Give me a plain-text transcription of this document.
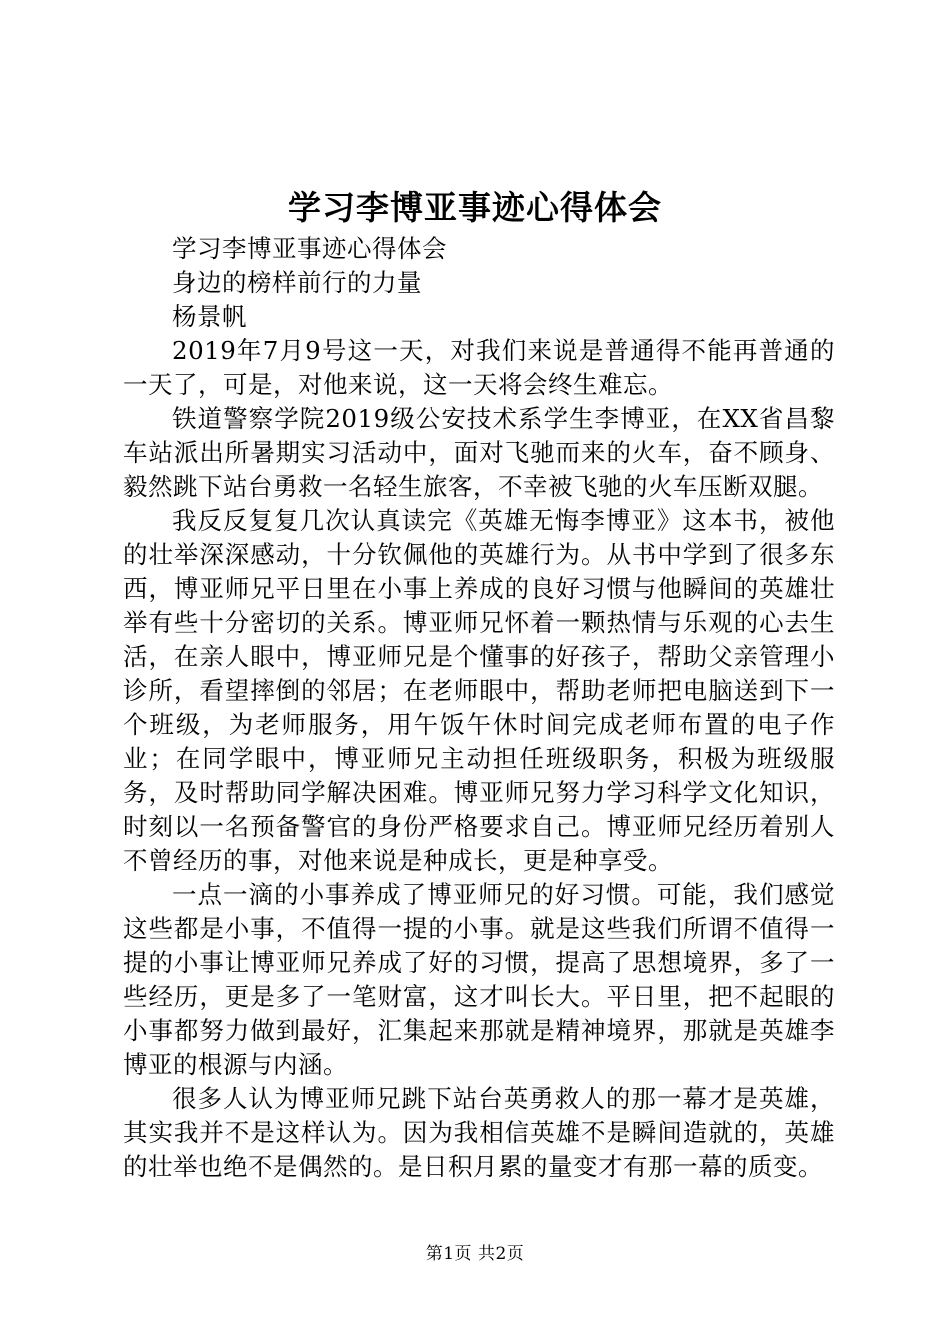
学习李博亚事迹心得体会

学习李博亚事迹心得体会

身边的榜样前行的力量

杨景帆

2019年7月9号这一天，对我们来说是普通得不能再普通的一天了，可是，对他来说，这一天将会终生难忘。

铁道警察学院2019级公安技术系学生李博亚，在XX省昌黎车站派出所暑期实习活动中，面对飞驰而来的火车，奋不顾身、毅然跳下站台勇救一名轻生旅客，不幸被飞驰的火车压断双腿。

我反反复复几次认真读完《英雄无悔李博亚》这本书，被他的壮举深深感动，十分钦佩他的英雄行为。从书中学到了很多东西，博亚师兄平日里在小事上养成的良好习惯与他瞬间的英雄壮举有些十分密切的关系。博亚师兄怀着一颗热情与乐观的心去生活，在亲人眼中，博亚师兄是个懂事的好孩子，帮助父亲管理小诊所，看望摔倒的邻居；在老师眼中，帮助老师把电脑送到下一个班级，为老师服务，用午饭午休时间完成老师布置的电子作业；在同学眼中，博亚师兄主动担任班级职务，积极为班级服务，及时帮助同学解决困难。博亚师兄努力学习科学文化知识，时刻以一名预备警官的身份严格要求自己。博亚师兄经历着别人不曾经历的事，对他来说是种成长，更是种享受。

一点一滴的小事养成了博亚师兄的好习惯。可能，我们感觉这些都是小事，不值得一提的小事。就是这些我们所谓不值得一提的小事让博亚师兄养成了好的习惯，提高了思想境界，多了一些经历，更是多了一笔财富，这才叫长大。平日里，把不起眼的小事都努力做到最好，汇集起来那就是精神境界，那就是英雄李博亚的根源与内涵。

很多人认为博亚师兄跳下站台英勇救人的那一幕才是英雄，其实我并不是这样认为。因为我相信英雄不是瞬间造就的，英雄的壮举也绝不是偶然的。是日积月累的量变才有那一幕的质变。

第1页 共2页
